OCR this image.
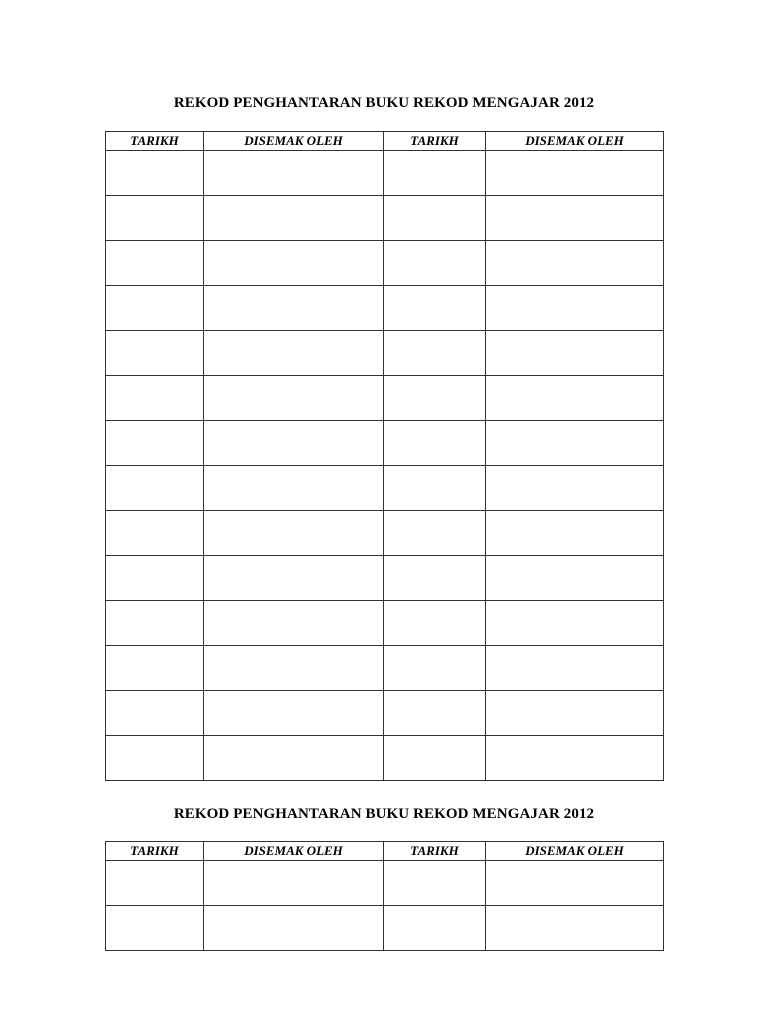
REKOD PENGHANTARAN BUKU REKOD MENGAJAR 2012
TARIKH	DISEMAK OLEH	TARIKH	DISEMAK OLEH

REKOD PENGHANTARAN BUKU REKOD MENGAJAR 2012
TARIKH	DISEMAK OLEH	TARIKH	DISEMAK OLEH
